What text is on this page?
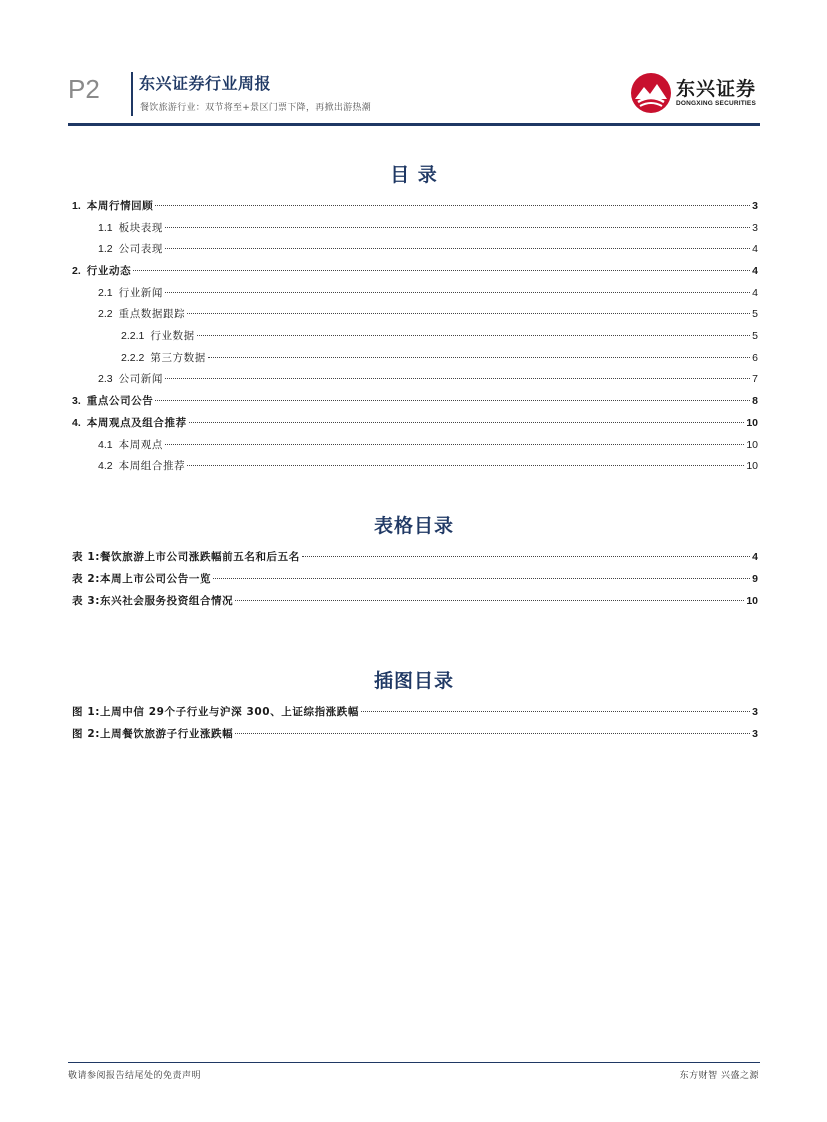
P2 东兴证券行业周报
餐饮旅游行业：双节将至+景区门票下降，再掀出游热潮
东兴证券
DONGXING SECURITIES
目 录
1. 本周行情回顾	3
1.1 板块表现	3
1.2 公司表现	4
2. 行业动态	4
2.1 行业新闻	4
2.2 重点数据跟踪	5
2.2.1 行业数据	5
2.2.2 第三方数据	6
2.3 公司新闻	7
3. 重点公司公告	8
4. 本周观点及组合推荐	10
4.1 本周观点	10
4.2 本周组合推荐	10
表格目录
表 1:餐饮旅游上市公司涨跌幅前五名和后五名	4
表 2:本周上市公司公告一览	9
表 3:东兴社会服务投资组合情况	10
插图目录
图 1:上周中信 29个子行业与沪深 300、上证综指涨跌幅	3
图 2:上周餐饮旅游子行业涨跌幅	3
敬请参阅报告结尾处的免责声明	东方财智 兴盛之源
